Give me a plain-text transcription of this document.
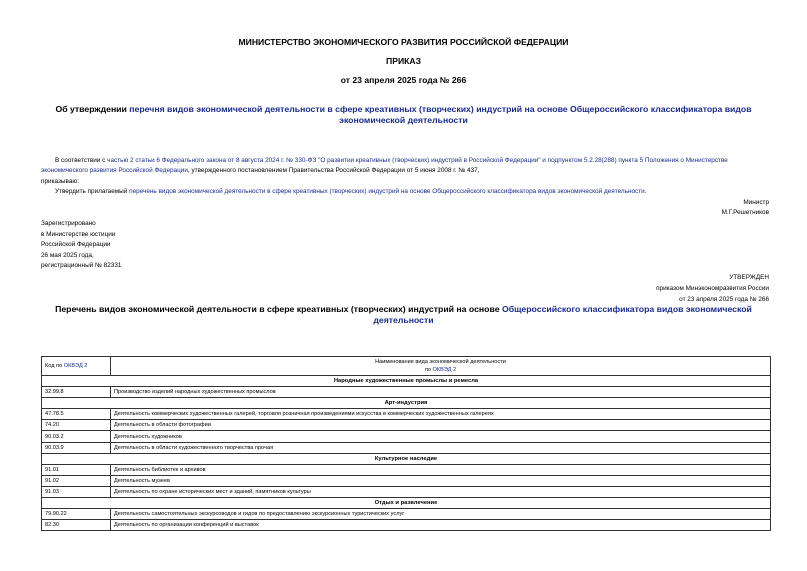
МИНИСТЕРСТВО ЭКОНОМИЧЕСКОГО РАЗВИТИЯ РОССИЙСКОЙ ФЕДЕРАЦИИ
ПРИКАЗ
от 23 апреля 2025 года № 266
Об утверждении перечня видов экономической деятельности в сфере креативных (творческих) индустрий на основе Общероссийского классификатора видов экономической деятельности
В соответствии с частью 2 статьи 6 Федерального закона от 8 августа 2024 г. № 330-ФЗ "О развитии креативных (творческих) индустрий в Российской Федерации" и подпунктом 5.2.28(288) пункта 5 Положения о Министерстве экономического развития Российской Федерации, утвержденного постановлением Правительства Российской Федерации от 5 июня 2008 г. № 437,
приказываю:
Утвердить прилагаемый перечень видов экономической деятельности в сфере креативных (творческих) индустрий на основе Общероссийского классификатора видов экономической деятельности.
Министр
М.Г.Решетников
Зарегистрировано
в Министерстве юстиции
Российской Федерации
26 мая 2025 года,
регистрационный № 82331
УТВЕРЖДЕН
приказом Минэкономразвития России
от 23 апреля 2025 года № 266
Перечень видов экономической деятельности в сфере креативных (творческих) индустрий на основе Общероссийского классификатора видов экономической деятельности
Код по ОКВЭД 2	Наименование вида экономической деятельности
по ОКВЭД 2

Народные художественные промыслы и ремесла	
32.99.8	Производство изделий народных художественных промыслов
Арт-индустрия	
47.78.5	Деятельность коммерческих художественных галерей, торговля розничная произведениями искусства в коммерческих художественных галереях
74.20	Деятельность в области фотографии
90.03.2	Деятельность художников
90.03.9	Деятельность в области художественного творчества прочая
Культурное наследие	
91.01	Деятельность библиотек и архивов
91.02	Деятельность музеев
91.03	Деятельность по охране исторических мест и зданий, памятников культуры
Отдых и развлечение	
79.90.22	Деятельность самостоятельных экскурсоводов и гидов по предоставлению экскурсионных туристических услуг
82.30	Деятельность по организации конференций и выставок
